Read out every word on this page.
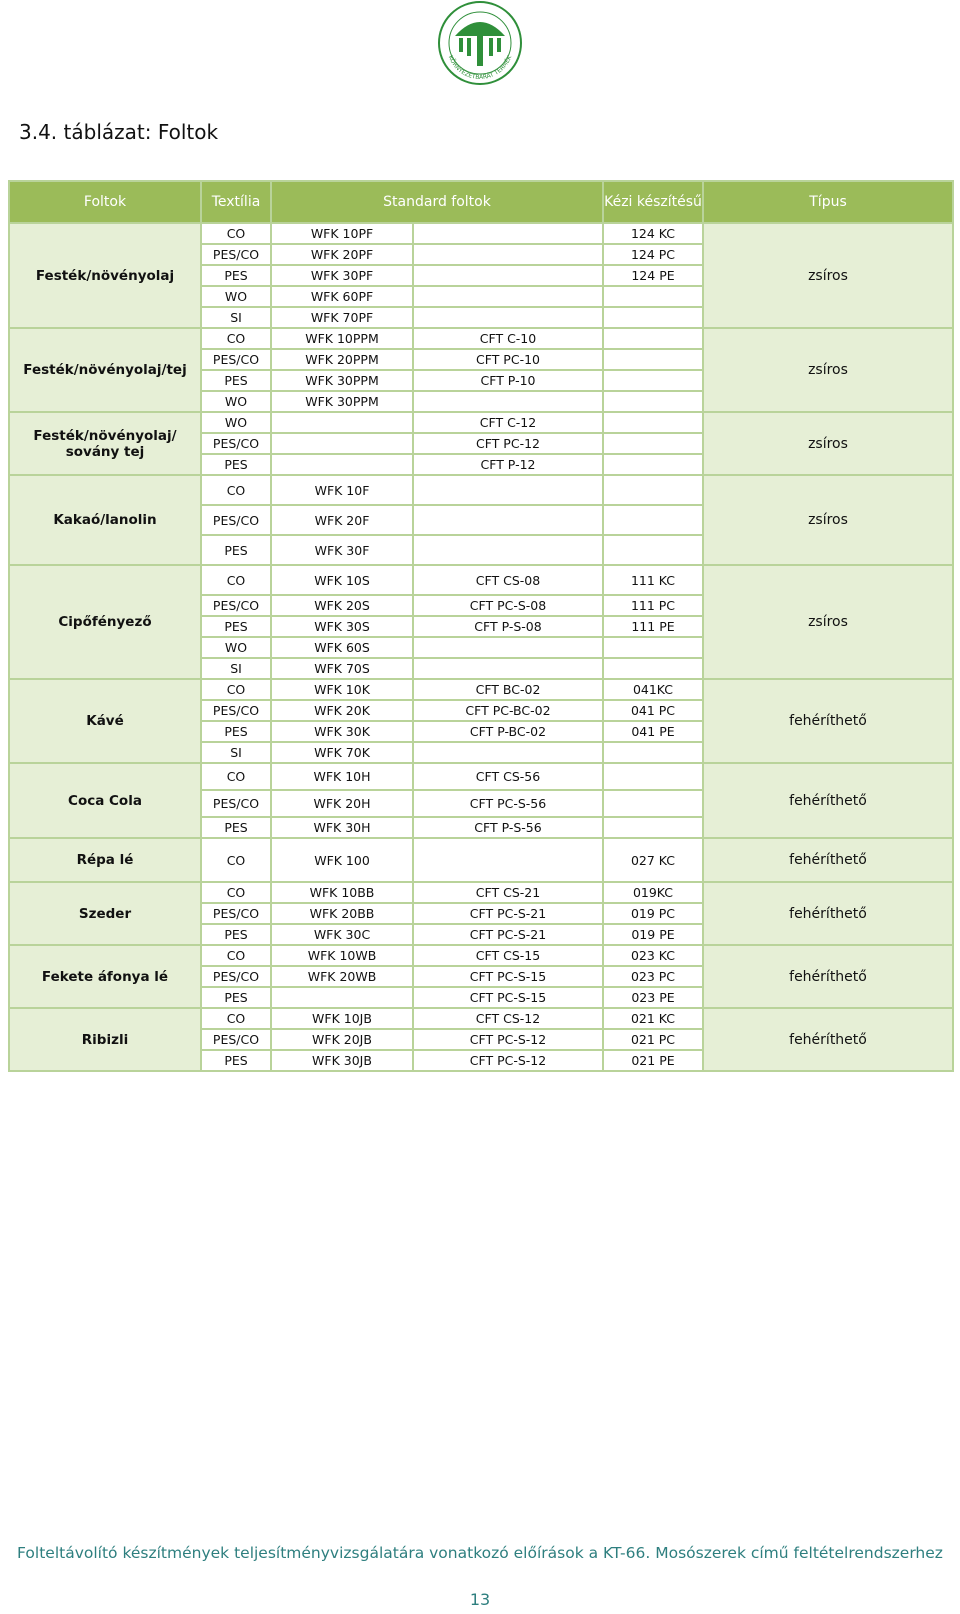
KÖRNYEZETBARÁT TERMÉK
3.4. táblázat: Foltok
Foltok	Textília	Standard foltok		Kézi készítésű	Típus
Festék/növényolaj	CO	WFK 10PF		124 KC	zsíros
	PES/CO	WFK 20PF		124 PC	
	PES	WFK 30PF		124 PE	
	WO	WFK 60PF			
	SI	WFK 70PF			
Festék/növényolaj/tej	CO	WFK 10PPM	CFT C-10		zsíros
	PES/CO	WFK 20PPM	CFT PC-10		
	PES	WFK 30PPM	CFT P-10		
	WO	WFK 30PPM			
Festék/növényolaj/ sovány tej	WO		CFT C-12		zsíros
	PES/CO		CFT PC-12		
	PES		CFT P-12		
Kakaó/lanolin	CO	WFK 10F			zsíros
	PES/CO	WFK 20F			
	PES	WFK 30F			
Cipőfényező	CO	WFK 10S	CFT CS-08	111 KC	zsíros
	PES/CO	WFK 20S	CFT PC-S-08	111 PC	
	PES	WFK 30S	CFT P-S-08	111 PE	
	WO	WFK 60S			
	SI	WFK 70S			
Kávé	CO	WFK 10K	CFT BC-02	041KC	fehéríthető
	PES/CO	WFK 20K	CFT PC-BC-02	041 PC	
	PES	WFK 30K	CFT P-BC-02	041 PE	
	SI	WFK 70K			
Coca Cola	CO	WFK 10H	CFT CS-56		fehéríthető
	PES/CO	WFK 20H	CFT PC-S-56		
	PES	WFK 30H	CFT P-S-56		
Répa lé	CO	WFK 100		027 KC	fehéríthető
Szeder	CO	WFK 10BB	CFT CS-21	019KC	fehéríthető
	PES/CO	WFK 20BB	CFT PC-S-21	019 PC	
	PES	WFK 30C	CFT PC-S-21	019 PE	
Fekete áfonya lé	CO	WFK 10WB	CFT CS-15	023 KC	fehéríthető
	PES/CO	WFK 20WB	CFT PC-S-15	023 PC	
	PES		CFT PC-S-15	023 PE	
Ribizli	CO	WFK 10JB	CFT CS-12	021 KC	fehéríthető
	PES/CO	WFK 20JB	CFT PC-S-12	021 PC	
	PES	WFK 30JB	CFT PC-S-12	021 PE	
Folteltávolító készítmények teljesítményvizsgálatára vonatkozó előírások a KT-66. Mosószerek című feltételrendszerhez
13
